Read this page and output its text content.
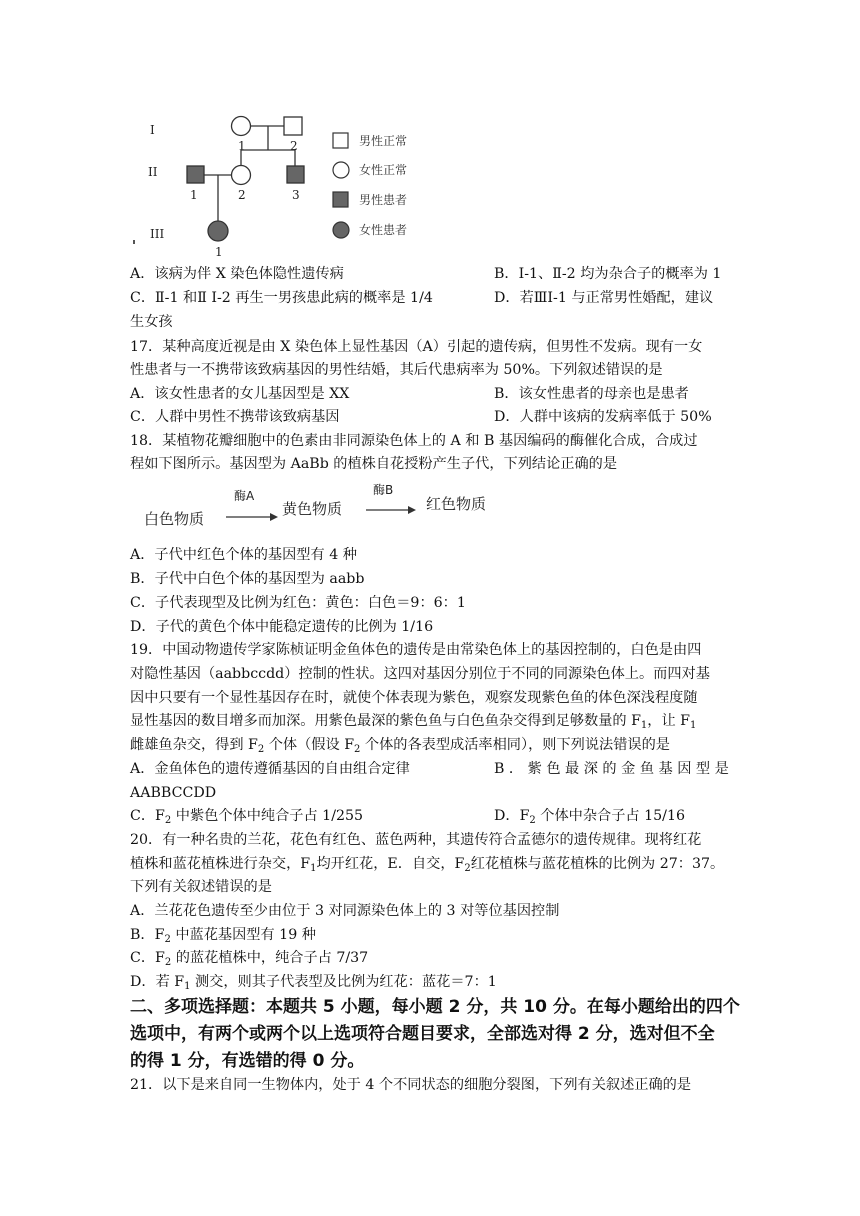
I
II
III
1	2
1	2	3
1
男性正常
女性正常
男性患者
女性患者
A．该病为伴 X 染色体隐性遗传病	B．I-1、Ⅱ-2 均为杂合子的概率为 1
C．Ⅱ-1 和Ⅱ I-2 再生一男孩患此病的概率是 1/4	D．若ⅢI-1 与正常男性婚配，建议
生女孩
17．某种高度近视是由 X 染色体上显性基因（A）引起的遗传病，但男性不发病。现有一女
性患者与一不携带该致病基因的男性结婚，其后代患病率为 50%。下列叙述错误的是
A．该女性患者的女儿基因型是 XX	B．该女性患者的母亲也是患者
C．人群中男性不携带该致病基因	D．人群中该病的发病率低于 50%
18．某植物花瓣细胞中的色素由非同源染色体上的 A 和 B 基因编码的酶催化合成，合成过
程如下图所示。基因型为 AaBb 的植株自花授粉产生子代，下列结论正确的是
白色物质
酶A
黄色物质
酶B
红色物质
A．子代中红色个体的基因型有 4 种
B．子代中白色个体的基因型为 aabb
C．子代表现型及比例为红色：黄色：白色＝9：6：1
D．子代的黄色个体中能稳定遗传的比例为 1/16
19．中国动物遗传学家陈桢证明金鱼体色的遗传是由常染色体上的基因控制的，白色是由四
对隐性基因（aabbccdd）控制的性状。这四对基因分别位于不同的同源染色体上。而四对基
因中只要有一个显性基因存在时，就使个体表现为紫色，观察发现紫色鱼的体色深浅程度随
显性基因的数目增多而加深。用紫色最深的紫色鱼与白色鱼杂交得到足够数量的 $F_1$，让 $F_1$
雌雄鱼杂交，得到 $F_2$ 个体（假设 $F_2$ 个体的各表型成活率相同），则下列说法错误的是
A．金鱼体色的遗传遵循基因的自由组合定律	B ． 紫 色 最 深 的 金 鱼 基 因 型 是
AABBCCDD
C．$F_2$ 中紫色个体中纯合子占 1/255	D．$F_2$ 个体中杂合子占 15/16
20．有一种名贵的兰花，花色有红色、蓝色两种，其遗传符合孟德尔的遗传规律。现将红花
植株和蓝花植株进行杂交，$F_1$均开红花，E．自交，$F_2$红花植株与蓝花植株的比例为 27：37。
下列有关叙述错误的是
A．兰花花色遗传至少由位于 3 对同源染色体上的 3 对等位基因控制
B．$F_2$ 中蓝花基因型有 19 种
C．$F_2$ 的蓝花植株中，纯合子占 7/37
D．若 $F_1$ 测交，则其子代表型及比例为红花：蓝花＝7：1
二、多项选择题：本题共 5 小题，每小题 2 分，共 10 分。在每小题给出的四个
选项中，有两个或两个以上选项符合题目要求，全部选对得 2 分，选对但不全
的得 1 分，有选错的得 0 分。
21．以下是来自同一生物体内，处于 4 个不同状态的细胞分裂图，下列有关叙述正确的是
